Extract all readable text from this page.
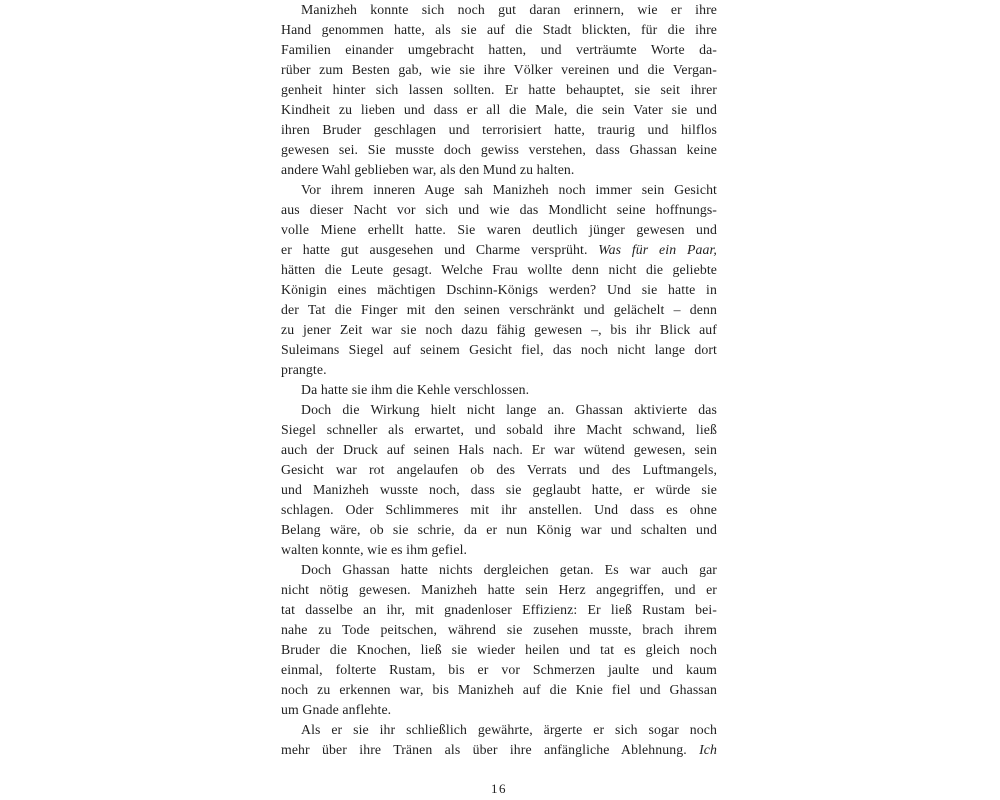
Manizheh konnte sich noch gut daran erinnern, wie er ihre
Hand genommen hatte, als sie auf die Stadt blickten, für die ihre
Familien einander umgebracht hatten, und verträumte Worte da-
rüber zum Besten gab, wie sie ihre Völker vereinen und die Vergan-
genheit hinter sich lassen sollten. Er hatte behauptet, sie seit ihrer
Kindheit zu lieben und dass er all die Male, die sein Vater sie und
ihren Bruder geschlagen und terrorisiert hatte, traurig und hilflos
gewesen sei. Sie musste doch gewiss verstehen, dass Ghassan keine
andere Wahl geblieben war, als den Mund zu halten.
Vor ihrem inneren Auge sah Manizheh noch immer sein Gesicht
aus dieser Nacht vor sich und wie das Mondlicht seine hoffnungs-
volle Miene erhellt hatte. Sie waren deutlich jünger gewesen und
er hatte gut ausgesehen und Charme versprüht. Was für ein Paar,
hätten die Leute gesagt. Welche Frau wollte denn nicht die geliebte
Königin eines mächtigen Dschinn-Königs werden? Und sie hatte in
der Tat die Finger mit den seinen verschränkt und gelächelt – denn
zu jener Zeit war sie noch dazu fähig gewesen –, bis ihr Blick auf
Suleimans Siegel auf seinem Gesicht fiel, das noch nicht lange dort
prangte.
Da hatte sie ihm die Kehle verschlossen.
Doch die Wirkung hielt nicht lange an. Ghassan aktivierte das
Siegel schneller als erwartet, und sobald ihre Macht schwand, ließ
auch der Druck auf seinen Hals nach. Er war wütend gewesen, sein
Gesicht war rot angelaufen ob des Verrats und des Luftmangels,
und Manizheh wusste noch, dass sie geglaubt hatte, er würde sie
schlagen. Oder Schlimmeres mit ihr anstellen. Und dass es ohne
Belang wäre, ob sie schrie, da er nun König war und schalten und
walten konnte, wie es ihm gefiel.
Doch Ghassan hatte nichts dergleichen getan. Es war auch gar
nicht nötig gewesen. Manizheh hatte sein Herz angegriffen, und er
tat dasselbe an ihr, mit gnadenloser Effizienz: Er ließ Rustam bei-
nahe zu Tode peitschen, während sie zusehen musste, brach ihrem
Bruder die Knochen, ließ sie wieder heilen und tat es gleich noch
einmal, folterte Rustam, bis er vor Schmerzen jaulte und kaum
noch zu erkennen war, bis Manizheh auf die Knie fiel und Ghassan
um Gnade anflehte.
Als er sie ihr schließlich gewährte, ärgerte er sich sogar noch
mehr über ihre Tränen als über ihre anfängliche Ablehnung. Ich
16
